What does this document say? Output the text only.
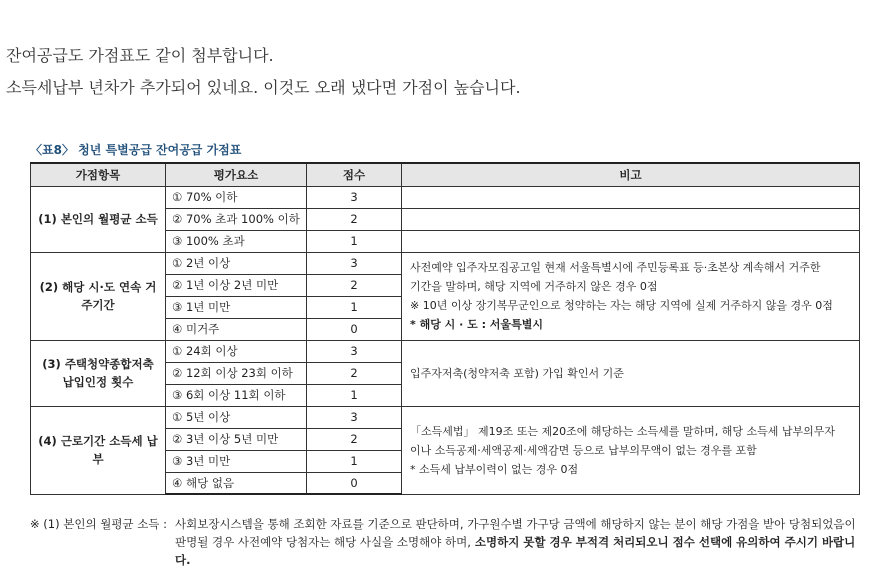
잔여공급도 가점표도 같이 첨부합니다.

소득세납부 년차가 추가되어 있네요. 이것도 오래 냈다면 가점이 높습니다.

〈표8〉 청년 특별공급 잔여공급 가점표
가점항목	평가요소	점수	비고
(1) 본인의 월평균 소득	① 70% 이하	3	
	② 70% 초과 100% 이하	2	
	③ 100% 초과	1	
(2) 해당 시·도 연속 거주기간	① 2년 이상	3	사전예약 입주자모집공고일 현재 서울특별시에 주민등록표 등·초본상 계속해서 거주한
기간을 말하며, 해당 지역에 거주하지 않은 경우 0점
※ 10년 이상 장기복무군인으로 청약하는 자는 해당 지역에 실제 거주하지 않을 경우 0점
* 해당 시 · 도 : 서울특별시

	② 1년 이상 2년 미만	2	
	③ 1년 미만	1	
	④ 미거주	0	
(3) 주택청약종합저축 납입인정 횟수	① 24회 이상	3	입주자저축(청약저축 포함) 가입 확인서 기준

	② 12회 이상 23회 이하	2	
	③ 6회 이상 11회 이하	1	
(4) 근로기간 소득세 납부	① 5년 이상	3	「소득세법」 제19조 또는 제20조에 해당하는 소득세를 말하며, 해당 소득세 납부의무자
이나 소득공제·세액공제·세액감면 등으로 납부의무액이 없는 경우를 포함
* 소득세 납부이력이 없는 경우 0점

	② 3년 이상 5년 미만	2	
	③ 3년 미만	1	
	④ 해당 없음	0	
※ (1) 본인의 월평균 소득 : 사회보장시스템을 통해 조회한 자료를 기준으로 판단하며, 가구원수별 가구당 금액에 해당하지 않는 분이 해당 가점을 받아 당첨되었음이 판명될 경우 사전예약 당첨자는 해당 사실을 소명해야 하며, 소명하지 못할 경우 부적격 처리되오니 점수 선택에 유의하여 주시기 바랍니다.
